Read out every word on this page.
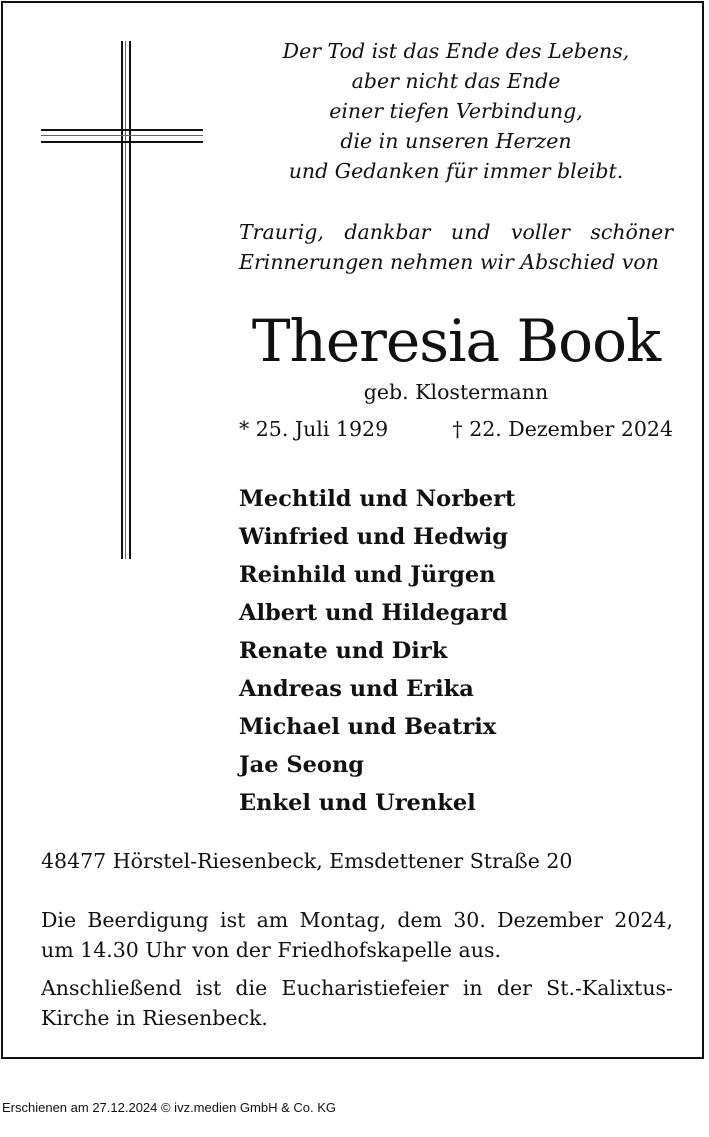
Der Tod ist das Ende des Lebens,
aber nicht das Ende
einer tiefen Verbindung,
die in unseren Herzen
und Gedanken für immer bleibt.
Traurig, dankbar und voller schöner
Erinnerungen nehmen wir Abschied von
Theresia Book
geb. Klostermann
* 25. Juli 1929	† 22. Dezember 2024
Mechtild und Norbert
Winfried und Hedwig
Reinhild und Jürgen
Albert und Hildegard
Renate und Dirk
Andreas und Erika
Michael und Beatrix
Jae Seong
Enkel und Urenkel
48477 Hörstel-Riesenbeck, Emsdettener Straße 20
Die Beerdigung ist am Montag, dem 30. Dezember 2024, um 14.30 Uhr von der Friedhofskapelle aus.
Anschließend ist die Eucharistiefeier in der St.-Kalixtus-Kirche in Riesenbeck.
Erschienen am 27.12.2024 © ivz.medien GmbH & Co. KG
